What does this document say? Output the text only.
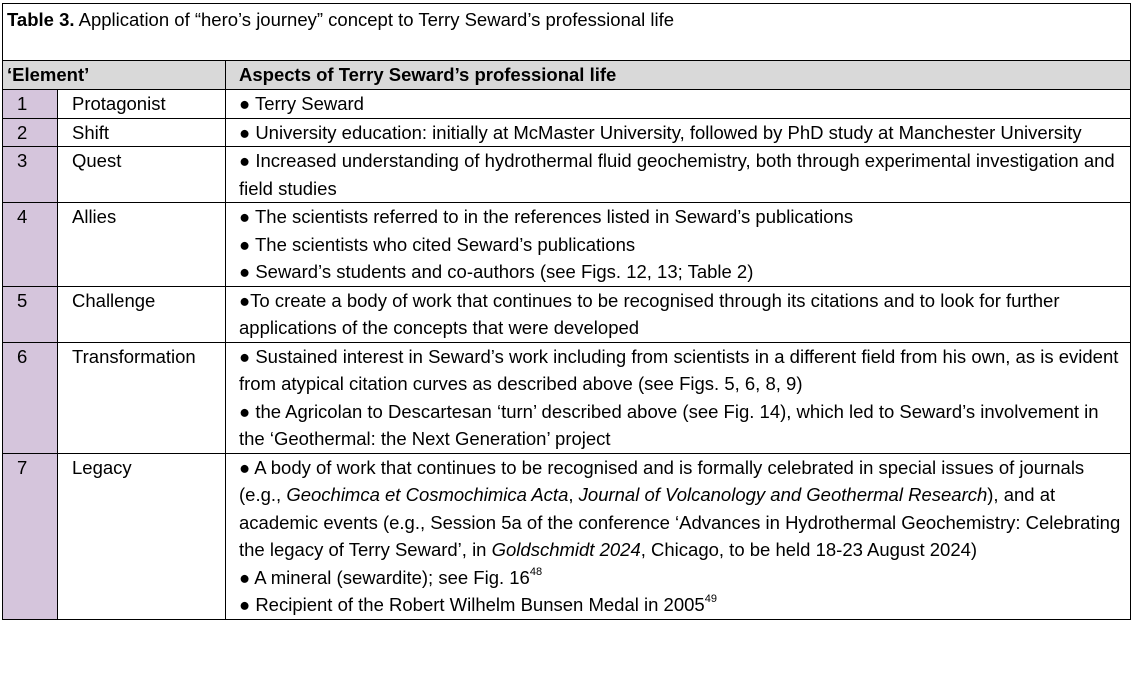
Table 3. Application of “hero’s journey” concept to Terry Seward’s professional life		
‘Element’		Aspects of Terry Seward’s professional life
1	Protagonist	● Terry Seward

2	Shift	● University education: initially at McMaster University, followed by PhD study at Manchester University

3	Quest	● Increased understanding of hydrothermal fluid geochemistry, both through experimental investigation and field studies

4	Allies	● The scientists referred to in the references listed in Seward’s publications
● The scientists who cited Seward’s publications
● Seward’s students and co-authors (see Figs. 12, 13; Table 2)

5	Challenge	●To create a body of work that continues to be recognised through its citations and to look for further applications of the concepts that were developed

6	Transformation	● Sustained interest in Seward’s work including from scientists in a different field from his own, as is evident from atypical citation curves as described above (see Figs. 5, 6, 8, 9)
● the Agricolan to Descartesan ‘turn’ described above (see Fig. 14), which led to Seward’s involvement in the ‘Geothermal: the Next Generation’ project

7	Legacy	● A body of work that continues to be recognised and is formally celebrated in special issues of journals (e.g., Geochimca et Cosmochimica Acta, Journal of Volcanology and Geothermal Research), and at academic events (e.g., Session 5a of the conference ‘Advances in Hydrothermal Geochemistry: Celebrating the legacy of Terry Seward’, in Goldschmidt 2024, Chicago, to be held 18-23 August 2024)
● A mineral (sewardite); see Fig. $16^{48}$
● Recipient of the Robert Wilhelm Bunsen Medal in 2005$^{49}$
